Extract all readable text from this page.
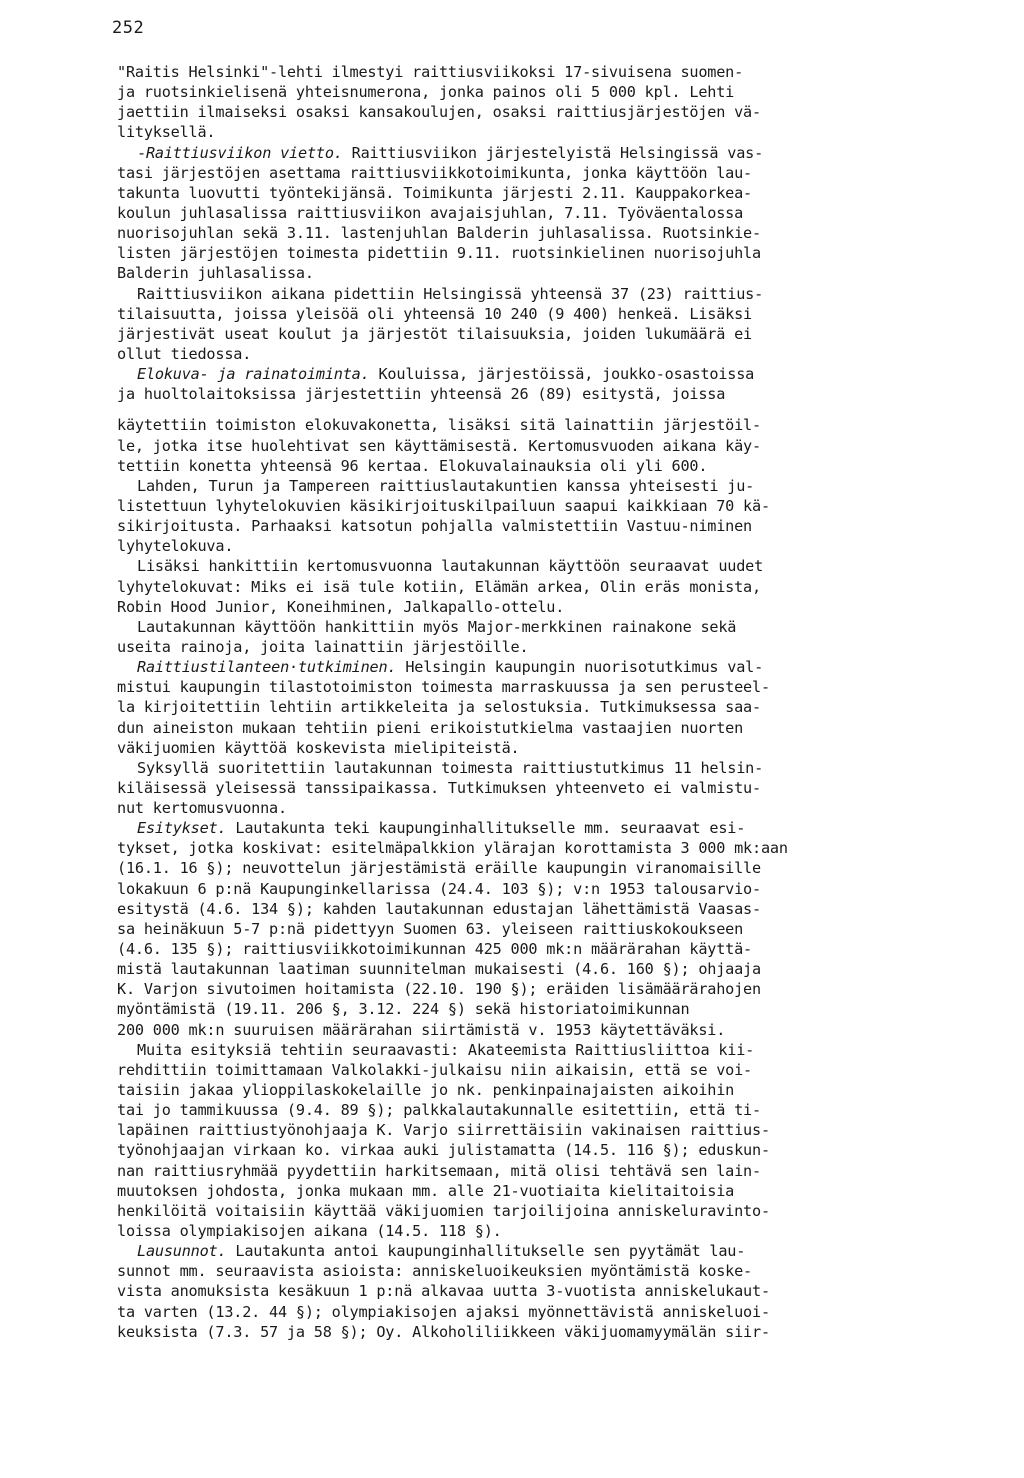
252
"Raitis Helsinki"-lehti ilmestyi raittiusviikoksi 17-sivuisena suomen-
ja ruotsinkielisenä yhteisnumerona, jonka painos oli 5 000 kpl. Lehti
jaettiin ilmaiseksi osaksi kansakoulujen, osaksi raittiusjärjestöjen vä-
lityksellä.
-Raittiusviikon vietto. Raittiusviikon järjestelyistä Helsingissä vas-
tasi järjestöjen asettama raittiusviikkotoimikunta, jonka käyttöön lau-
takunta luovutti työntekijänsä. Toimikunta järjesti 2.11. Kauppakorkea-
koulun juhlasalissa raittiusviikon avajaisjuhlan, 7.11. Työväentalossa
nuorisojuhlan sekä 3.11. lastenjuhlan Balderin juhlasalissa. Ruotsinkie-
listen järjestöjen toimesta pidettiin 9.11. ruotsinkielinen nuorisojuhla
Balderin juhlasalissa.
Raittiusviikon aikana pidettiin Helsingissä yhteensä 37 (23) raittius-
tilaisuutta, joissa yleisöä oli yhteensä 10 240 (9 400) henkeä. Lisäksi
järjestivät useat koulut ja järjestöt tilaisuuksia, joiden lukumäärä ei
ollut tiedossa.
Elokuva- ja rainatoiminta. Kouluissa, järjestöissä, joukko-osastoissa
ja huoltolaitoksissa järjestettiin yhteensä 26 (89) esitystä, joissa
käytettiin toimiston elokuvakonetta, lisäksi sitä lainattiin järjestöil-
le, jotka itse huolehtivat sen käyttämisestä. Kertomusvuoden aikana käy-
tettiin konetta yhteensä 96 kertaa. Elokuvalainauksia oli yli 600.
Lahden, Turun ja Tampereen raittiuslautakuntien kanssa yhteisesti ju-
listettuun lyhytelokuvien käsikirjoituskilpailuun saapui kaikkiaan 70 kä-
sikirjoitusta. Parhaaksi katsotun pohjalla valmistettiin Vastuu-niminen
lyhytelokuva.
Lisäksi hankittiin kertomusvuonna lautakunnan käyttöön seuraavat uudet
lyhytelokuvat: Miks ei isä tule kotiin, Elämän arkea, Olin eräs monista,
Robin Hood Junior, Koneihminen, Jalkapallo-ottelu.
Lautakunnan käyttöön hankittiin myös Major-merkkinen rainakone sekä
useita rainoja, joita lainattiin järjestöille.
Raittiustilanteen·tutkiminen. Helsingin kaupungin nuorisotutkimus val-
mistui kaupungin tilastotoimiston toimesta marraskuussa ja sen perusteel-
la kirjoitettiin lehtiin artikkeleita ja selostuksia. Tutkimuksessa saa-
dun aineiston mukaan tehtiin pieni erikoistutkielma vastaajien nuorten
väkijuomien käyttöä koskevista mielipiteistä.
Syksyllä suoritettiin lautakunnan toimesta raittiustutkimus 11 helsin-
kiläisessä yleisessä tanssipaikassa. Tutkimuksen yhteenveto ei valmistu-
nut kertomusvuonna.
Esitykset. Lautakunta teki kaupunginhallitukselle mm. seuraavat esi-
tykset, jotka koskivat: esitelmäpalkkion ylärajan korottamista 3 000 mk:aan
(16.1. 16 §); neuvottelun järjestämistä eräille kaupungin viranomaisille
lokakuun 6 p:nä Kaupunginkellarissa (24.4. 103 §); v:n 1953 talousarvio-
esitystä (4.6. 134 §); kahden lautakunnan edustajan lähettämistä Vaasas-
sa heinäkuun 5-7 p:nä pidettyyn Suomen 63. yleiseen raittiuskokoukseen
(4.6. 135 §); raittiusviikkotoimikunnan 425 000 mk:n määrärahan käyttä-
mistä lautakunnan laatiman suunnitelman mukaisesti (4.6. 160 §); ohjaaja
K. Varjon sivutoimen hoitamista (22.10. 190 §); eräiden lisämäärärahojen
myöntämistä (19.11. 206 §, 3.12. 224 §) sekä historiatoimikunnan
200 000 mk:n suuruisen määrärahan siirtämistä v. 1953 käytettäväksi.
Muita esityksiä tehtiin seuraavasti: Akateemista Raittiusliittoa kii-
rehdittiin toimittamaan Valkolakki-julkaisu niin aikaisin, että se voi-
taisiin jakaa ylioppilaskokelaille jo nk. penkinpainajaisten aikoihin
tai jo tammikuussa (9.4. 89 §); palkkalautakunnalle esitettiin, että ti-
lapäinen raittiustyönohjaaja K. Varjo siirrettäisiin vakinaisen raittius-
työnohjaajan virkaan ko. virkaa auki julistamatta (14.5. 116 §); eduskun-
nan raittiusryhmää pyydettiin harkitsemaan, mitä olisi tehtävä sen lain-
muutoksen johdosta, jonka mukaan mm. alle 21-vuotiaita kielitaitoisia
henkilöitä voitaisiin käyttää väkijuomien tarjoilijoina anniskeluravinto-
loissa olympiakisojen aikana (14.5. 118 §).
Lausunnot. Lautakunta antoi kaupunginhallitukselle sen pyytämät lau-
sunnot mm. seuraavista asioista: anniskeluoikeuksien myöntämistä koske-
vista anomuksista kesäkuun 1 p:nä alkavaa uutta 3-vuotista anniskelukaut-
ta varten (13.2. 44 §); olympiakisojen ajaksi myönnettävistä anniskeluoi-
keuksista (7.3. 57 ja 58 §); Oy. Alkoholiliikkeen väkijuomamyymälän siir-
